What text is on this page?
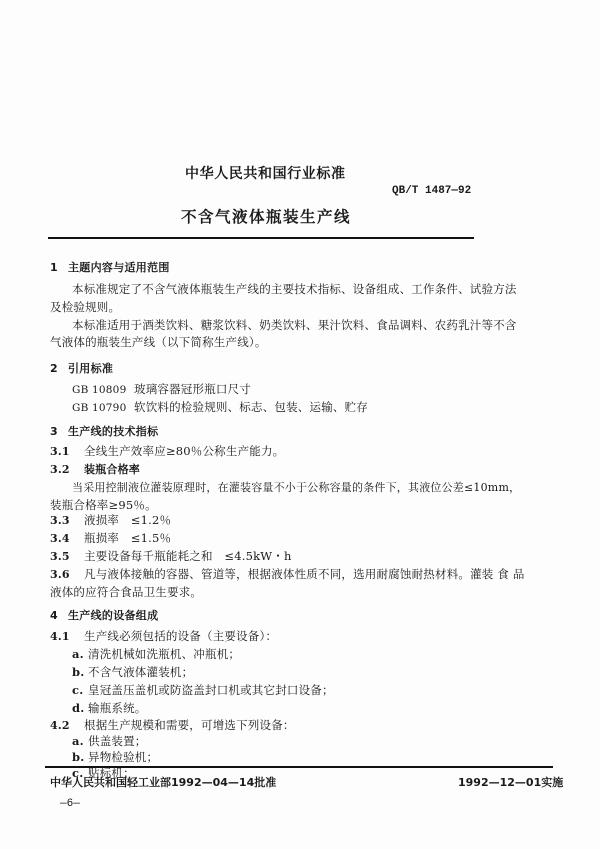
中华人民共和国行业标准
QB/T 1487—92
不含气液体瓶装生产线
1 主题内容与适用范围
本标准规定了不含气液体瓶装生产线的主要技术指标、设备组成、工作条件、试验方法
及检验规则。
本标准适用于酒类饮料、糖浆饮料、奶类饮料、果汁饮料、食品调料、农药乳汁等不含
气液体的瓶装生产线（以下简称生产线）。
2 引用标准
GB 10809 玻璃容器冠形瓶口尺寸
GB 10790 软饮料的检验规则、标志、包装、运输、贮存
3 生产线的技术指标
3.1 全线生产效率应≥80％公称生产能力。
3.2 装瓶合格率
当采用控制液位灌装原理时，在灌装容量不小于公称容量的条件下，其液位公差≤10mm，
装瓶合格率≥95％。
3.3 液损率　≤1.2％
3.4 瓶损率　≤1.5％
3.5 主要设备每千瓶能耗之和　≤4.5kW・h
3.6 凡与液体接触的容器、管道等，根据液体性质不同，选用耐腐蚀耐热材料。灌装 食 品
液体的应符合食品卫生要求。
4 生产线的设备组成
4.1 生产线必须包括的设备（主要设备）：
a. 清洗机械如洗瓶机、冲瓶机；
b. 不含气液体灌装机；
c. 皇冠盖压盖机或防盗盖封口机或其它封口设备；
d. 输瓶系统。
4.2 根据生产规模和需要，可增选下列设备：
a. 供盖装置；
b. 异物检验机；
中华人民共和国轻工业部1992—04—14批准	1992—12—01实施
—6—
c. 贴标机；
